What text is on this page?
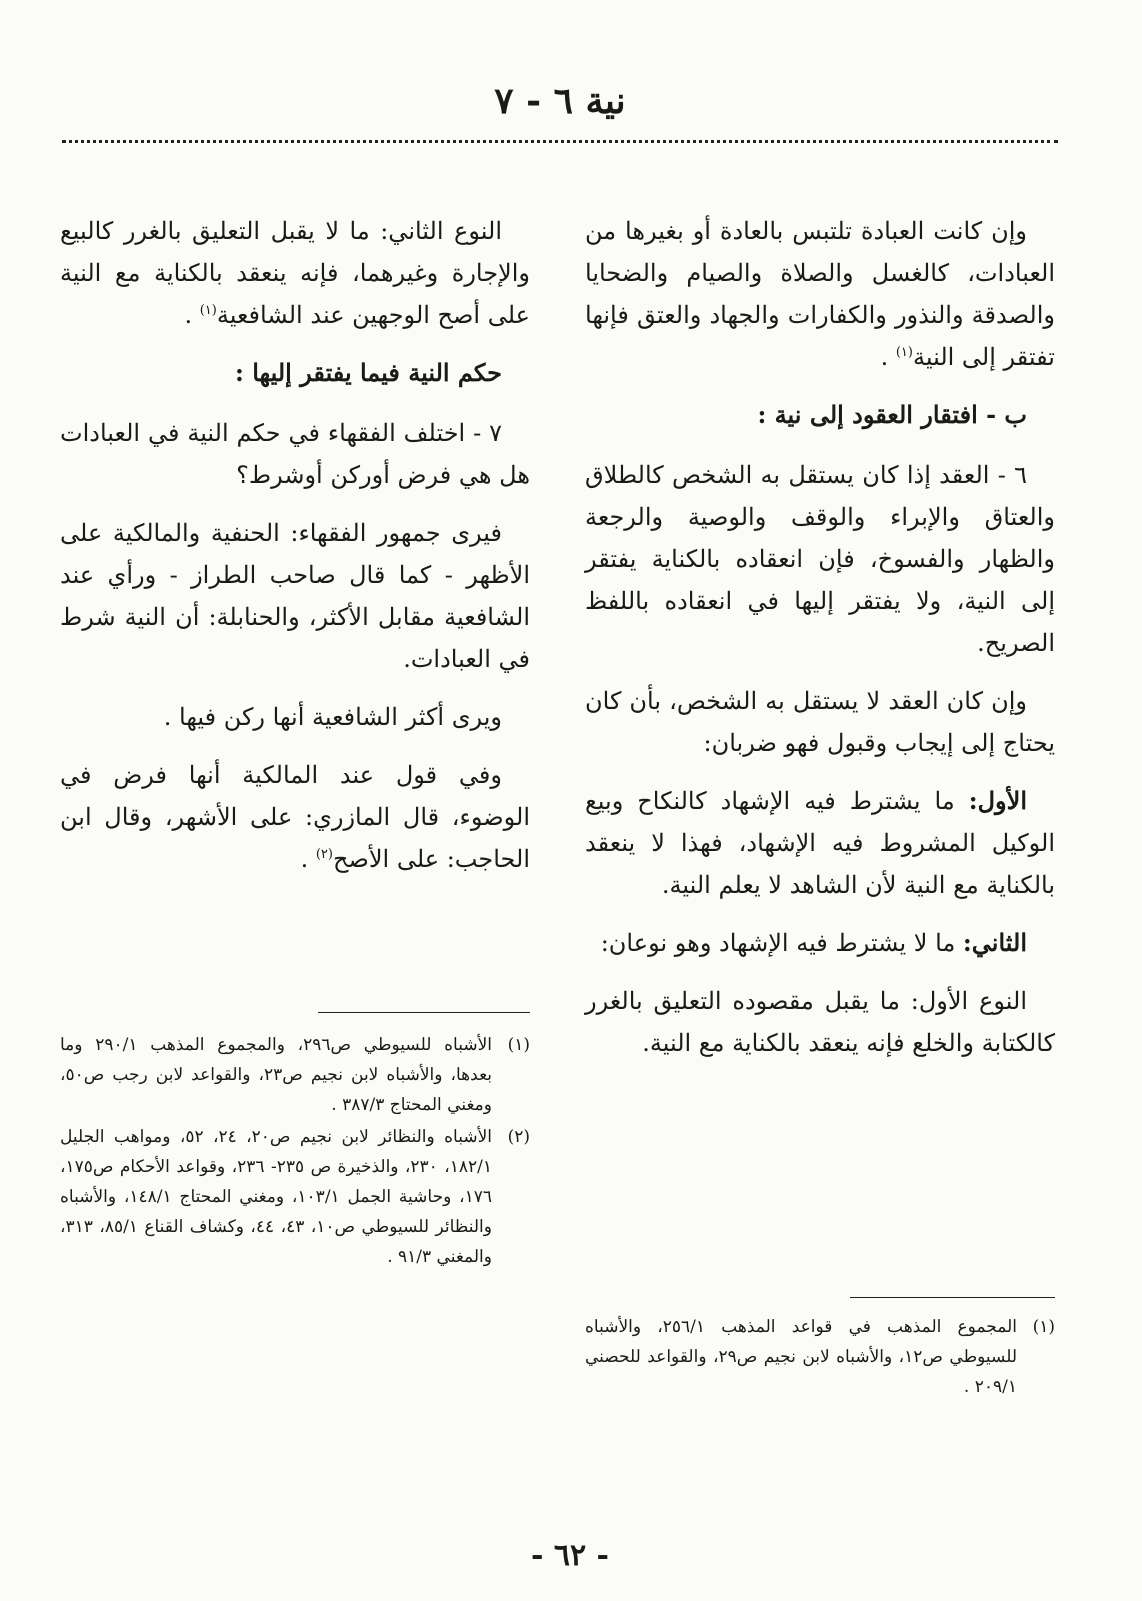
نية ٦ - ٧

وإن كانت العبادة تلتبس بالعادة أو بغيرها من العبادات، كالغسل والصلاة والصيام والضحايا والصدقة والنذور والكفارات والجهاد والعتق فإنها تفتقر إلى النية$^{(١)}$ .

ب - افتقار العقود إلى نية :

٦ - العقد إذا كان يستقل به الشخص كالطلاق والعتاق والإبراء والوقف والوصية والرجعة والظهار والفسوخ، فإن انعقاده بالكناية يفتقر إلى النية، ولا يفتقر إليها في انعقاده باللفظ الصريح.

وإن كان العقد لا يستقل به الشخص، بأن كان يحتاج إلى إيجاب وقبول فهو ضربان:

الأول: ما يشترط فيه الإشهاد كالنكاح وبيع الوكيل المشروط فيه الإشهاد، فهذا لا ينعقد بالكناية مع النية لأن الشاهد لا يعلم النية.

الثاني: ما لا يشترط فيه الإشهاد وهو نوعان:

النوع الأول: ما يقبل مقصوده التعليق بالغرر كالكتابة والخلع فإنه ينعقد بالكناية مع النية.

النوع الثاني: ما لا يقبل التعليق بالغرر كالبيع والإجارة وغيرهما، فإنه ينعقد بالكناية مع النية على أصح الوجهين عند الشافعية$^{(١)}$ .

حكم النية فيما يفتقر إليها :

٧ - اختلف الفقهاء في حكم النية في العبادات هل هي فرض أوركن أوشرط؟

فيرى جمهور الفقهاء: الحنفية والمالكية على الأظهر - كما قال صاحب الطراز - ورأي عند الشافعية مقابل الأكثر، والحنابلة: أن النية شرط في العبادات.

ويرى أكثر الشافعية أنها ركن فيها .

وفي قول عند المالكية أنها فرض في الوضوء، قال المازري: على الأشهر، وقال ابن الحاجب: على الأصح$^{(٢)}$ .

(١)الأشباه للسيوطي ص٢٩٦، والمجموع المذهب ٢٩٠/١ وما بعدها، والأشباه لابن نجيم ص٢٣، والقواعد لابن رجب ص٥٠، ومغني المحتاج ٣٨٧/٣ .

(٢)الأشباه والنظائر لابن نجيم ص٢٠، ٢٤، ٥٢، ومواهب الجليل ١٨٢/١، ٢٣٠، والذخيرة ص ٢٣٥- ٢٣٦، وقواعد الأحكام ص١٧٥، ١٧٦، وحاشية الجمل ١٠٣/١، ومغني المحتاج ١٤٨/١، والأشباه والنظائر للسيوطي ص١٠، ٤٣، ٤٤، وكشاف القناع ٨٥/١، ٣١٣، والمغني ٩١/٣ .

(١)المجموع المذهب في قواعد المذهب ٢٥٦/١، والأشباه للسيوطي ص١٢، والأشباه لابن نجيم ص٢٩، والقواعد للحصني ٢٠٩/١ .

- ٦٢ -
